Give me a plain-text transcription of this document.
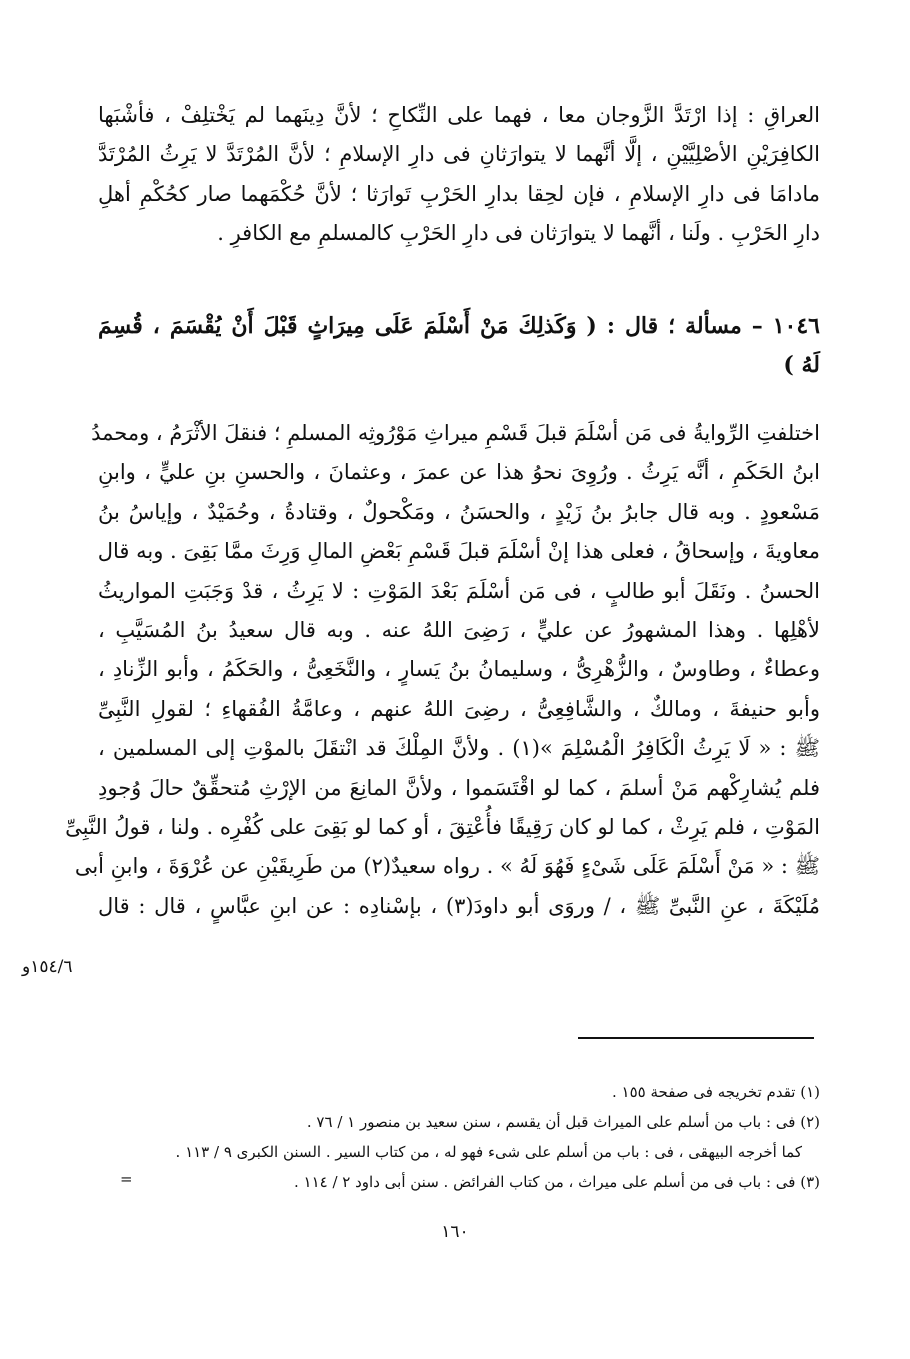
العراقِ : إذا ارْتَدَّ الزَّوجان معا ، فهما على النِّكاحِ ؛ لأنَّ دِينَهما لم يَخْتلِفْ ، فأشْبَها
الكافِرَيْنِ الأصْلِيَّيْنِ ، إلَّا أنَّهما لا يتوارَثانِ فى دارِ الإسلامِ ؛ لأنَّ المُرْتَدَّ لا يَرِثُ المُرْتَدَّ
مادامَا فى دارِ الإسلامِ ، فإن لحِقا بدارِ الحَرْبِ تَوارَثا ؛ لأنَّ حُكْمَهما صار كحُكْمِ أهلِ
دارِ الحَرْبِ . ولَنا ، أنَّهما لا يتوارَثان فى دارِ الحَرْبِ كالمسلمِ مع الكافرِ .
١٠٤٦ – مسألة ؛ قال : ( وَكَذلِكَ مَنْ أَسْلَمَ عَلَى مِيرَاثٍ قَبْلَ أَنْ يُقْسَمَ ، قُسِمَ
لَهُ )
اختلفتِ الرِّوايةُ فى مَن أسْلَمَ قبلَ قَسْمِ ميراثِ مَوْرُوثِه المسلمِ ؛ فنقلَ الأثْرَمُ ، ومحمدُ
ابنُ الحَكَمِ ، أنَّه يَرِثُ . ورُوِىَ نحوُ هذا عن عمرَ ، وعثمانَ ، والحسنِ بنِ عليٍّ ، وابنِ
مَسْعودٍ . وبه قال جابرُ بنُ زَيْدٍ ، والحسَنُ ، ومَكْحولٌ ، وقتادةُ ، وحُمَيْدٌ ، وإياسُ بنُ
معاويةَ ، وإسحاقُ ، فعلى هذا إنْ أسْلَمَ قبلَ قَسْمِ بَعْضِ المالِ وَرِثَ ممَّا بَقِىَ . وبه قال
الحسنُ . ونَقَلَ أبو طالبٍ ، فى مَن أسْلَمَ بَعْدَ المَوْتِ : لا يَرِثُ ، قدْ وَجَبَتِ المواريثُ
لأهْلِها . وهذا المشهورُ عن عليٍّ ، رَضِىَ اللهُ عنه . وبه قال سعيدُ بنُ المُسَيَّبِ ،
وعطاءٌ ، وطاوسٌ ، والزُّهْرِىُّ ، وسليمانُ بنُ يَسارٍ ، والنَّخَعِىُّ ، والحَكَمُ ، وأبو الزِّنادِ ،
وأبو حنيفةَ ، ومالكٌ ، والشَّافِعِىُّ ، رضِىَ اللهُ عنهم ، وعامَّةُ الفُقهاءِ ؛ لقولِ النَّبِىِّ
ﷺ : « لَا يَرِثُ الْكَافِرُ الْمُسْلِمَ »(١) . ولأنَّ المِلْكَ قد انْتقَلَ بالموْتِ إلى المسلمين ،
فلم يُشارِكْهم مَنْ أسلمَ ، كما لو اقْتَسَموا ، ولأنَّ المانِعَ من الإرْثِ مُتحقِّقٌ حالَ وُجودِ
المَوْتِ ، فلم يَرِثْ ، كما لو كان رَقِيقًا فأُعْتِقَ ، أو كما لو بَقِىَ على كُفْرِه . ولنا ، قولُ النَّبِىِّ
ﷺ : « مَنْ أَسْلَمَ عَلَى شَىْءٍ فَهُوَ لَهُ » . رواه سعيدٌ(٢) من طَرِيقَيْنِ عن عُرْوَةَ ، وابنِ أبى
مُلَيْكَةَ ، عنِ النَّبىِّ ﷺ ، / وروَى أبو داودَ(٣) ، بإسْنادِه : عن ابنِ عبَّاسٍ ، قال : قال
١٥٤/٦و
(١) تقدم تخريجه فى صفحة ١٥٥ .
(٢) فى : باب من أسلم على الميراث قبل أن يقسم ، سنن سعيد بن منصور ١ / ٧٦ .
كما أخرجه البيهقى ، فى : باب من أسلم على شىء فهو له ، من كتاب السير . السنن الكبرى ٩ / ١١٣ .
(٣) فى : باب فى من أسلم على ميراث ، من كتاب الفرائض . سنن أبى داود ٢ / ١١٤ .
=
١٦٠
